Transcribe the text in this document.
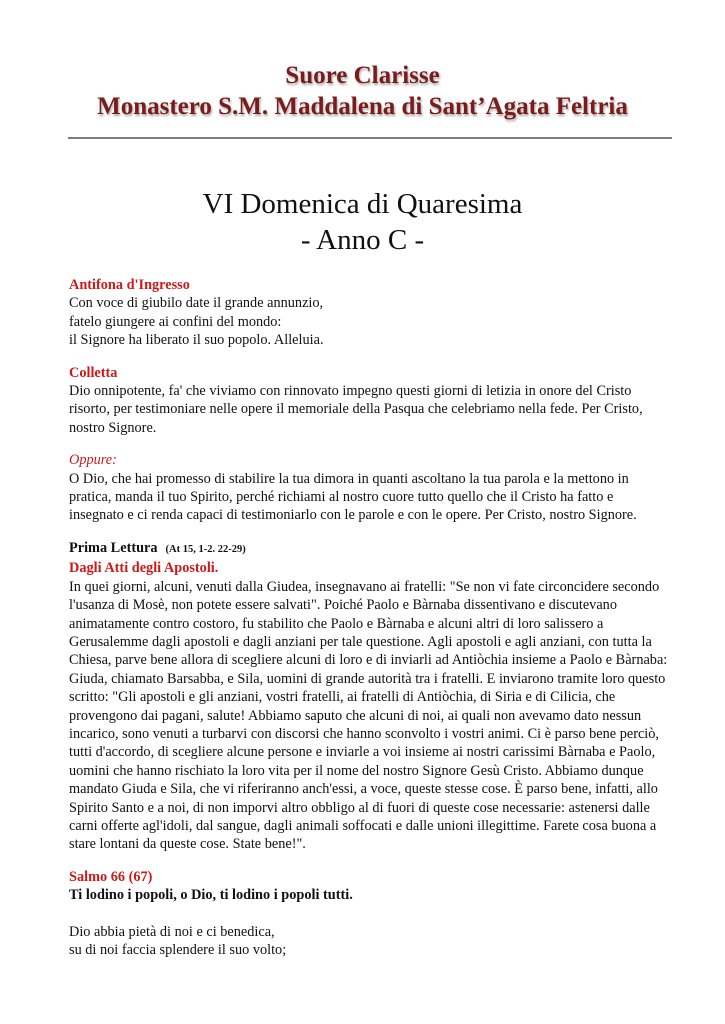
Suore Clarisse
Monastero S.M. Maddalena di Sant’Agata Feltria
VI Domenica di Quaresima
- Anno C -
Antifona d'Ingresso
Con voce di giubilo date il grande annunzio,
fatelo giungere ai confini del mondo:
il Signore ha liberato il suo popolo. Alleluia.
Colletta
Dio onnipotente, fa' che viviamo con rinnovato impegno questi giorni di letizia in onore del Cristo risorto, per testimoniare nelle opere il memoriale della Pasqua che celebriamo nella fede. Per Cristo, nostro Signore.
Oppure:
O Dio, che hai promesso di stabilire la tua dimora in quanti ascoltano la tua parola e la mettono in pratica, manda il tuo Spirito, perché richiami al nostro cuore tutto quello che il Cristo ha fatto e insegnato e ci renda capaci di testimoniarlo con le parole e con le opere. Per Cristo, nostro Signore.
Prima Lettura (At 15, 1-2. 22-29)
Dagli Atti degli Apostoli.
In quei giorni, alcuni, venuti dalla Giudea, insegnavano ai fratelli: "Se non vi fate circoncidere secondo l'usanza di Mosè, non potete essere salvati". Poiché Paolo e Bàrnaba dissentivano e discutevano animatamente contro costoro, fu stabilito che Paolo e Bàrnaba e alcuni altri di loro salissero a Gerusalemme dagli apostoli e dagli anziani per tale questione. Agli apostoli e agli anziani, con tutta la Chiesa, parve bene allora di scegliere alcuni di loro e di inviarli ad Antiòchia insieme a Paolo e Bàrnaba: Giuda, chiamato Barsabba, e Sila, uomini di grande autorità tra i fratelli. E inviarono tramite loro questo scritto: "Gli apostoli e gli anziani, vostri fratelli, ai fratelli di Antiòchia, di Siria e di Cilicia, che provengono dai pagani, salute! Abbiamo saputo che alcuni di noi, ai quali non avevamo dato nessun incarico, sono venuti a turbarvi con discorsi che hanno sconvolto i vostri animi. Ci è parso bene perciò, tutti d'accordo, di scegliere alcune persone e inviarle a voi insieme ai nostri carissimi Bàrnaba e Paolo, uomini che hanno rischiato la loro vita per il nome del nostro Signore Gesù Cristo. Abbiamo dunque mandato Giuda e Sila, che vi riferiranno anch'essi, a voce, queste stesse cose. È parso bene, infatti, allo Spirito Santo e a noi, di non imporvi altro obbligo al di fuori di queste cose necessarie: astenersi dalle carni offerte agl'idoli, dal sangue, dagli animali soffocati e dalle unioni illegittime. Farete cosa buona a stare lontani da queste cose. State bene!".
Salmo 66 (67)
Ti lodino i popoli, o Dio, ti lodino i popoli tutti.
Dio abbia pietà di noi e ci benedica,
su di noi faccia splendere il suo volto;
